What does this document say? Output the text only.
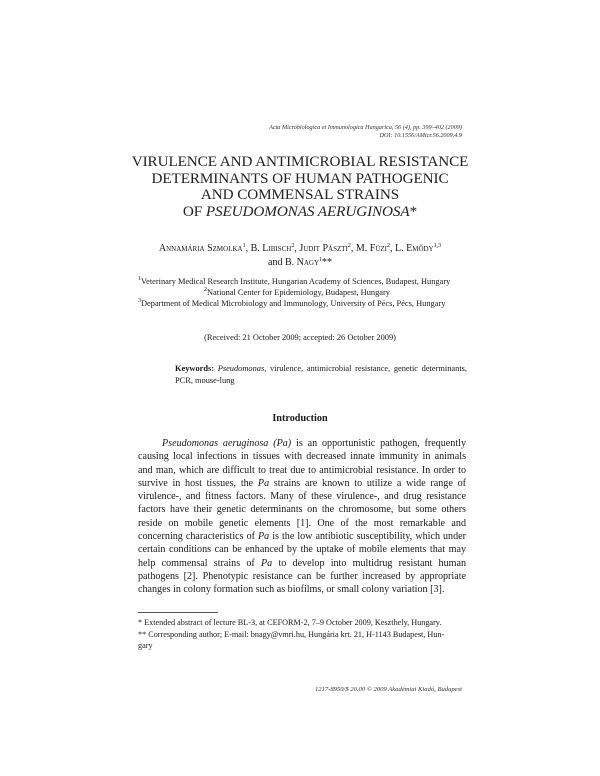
Acta Microbiologica et Immunologica Hungarica, 56 (4), pp. 399–402 (2009)
DOI: 10.1556/AMicr.56.2009.4.9
VIRULENCE AND ANTIMICROBIAL RESISTANCE
DETERMINANTS OF HUMAN PATHOGENIC
AND COMMENSAL STRAINS
OF PSEUDOMONAS AERUGINOSA*
Annamária Szmolka$^1$, B. Libisch$^2$, Judit Pászti$^2$, M. Füzi$^2$, L. Emődy$^{1,3}$
and B. Nagy$^1$**
$^1$Veterinary Medical Research Institute, Hungarian Academy of Sciences, Budapest, Hungary
$^2$National Center for Epidemiology, Budapest, Hungary
$^3$Department of Medical Microbiology and Immunology, University of Pécs, Pécs, Hungary
(Received: 21 October 2009; accepted: 26 October 2009)
Keywords: Pseudomonas, virulence, antimicrobial resistance, genetic determinants, PCR, mouse-lung
Introduction

Pseudomonas aeruginosa (Pa) is an opportunistic pathogen, frequently causing local infections in tissues with decreased innate immunity in animals and man, which are difficult to treat due to antimicrobial resistance. In order to survive in host tissues, the Pa strains are known to utilize a wide range of virulence-, and fitness factors. Many of these virulence-, and drug resistance factors have their genetic determinants on the chromosome, but some others reside on mobile genetic elements [1]. One of the most remarkable and concerning characteristics of Pa is the low antibiotic susceptibility, which under certain conditions can be enhanced by the uptake of mobile elements that may help commensal strains of Pa to develop into multidrug resistant human pathogens [2]. Phenotypic resistance can be further increased by appropriate changes in colony formation such as biofilms, or small colony variation [3].

* Extended abstract of lecture BL-3, at CEFORM-2, 7–9 October 2009, Keszthely, Hungary.
** Corresponding author; E-mail: bnagy@vmri.hu, Hungária krt. 21, H-1143 Budapest, Hun-
gary
1217-8950/$ 20.00 © 2009 Akadémiai Kiadó, Budapest
